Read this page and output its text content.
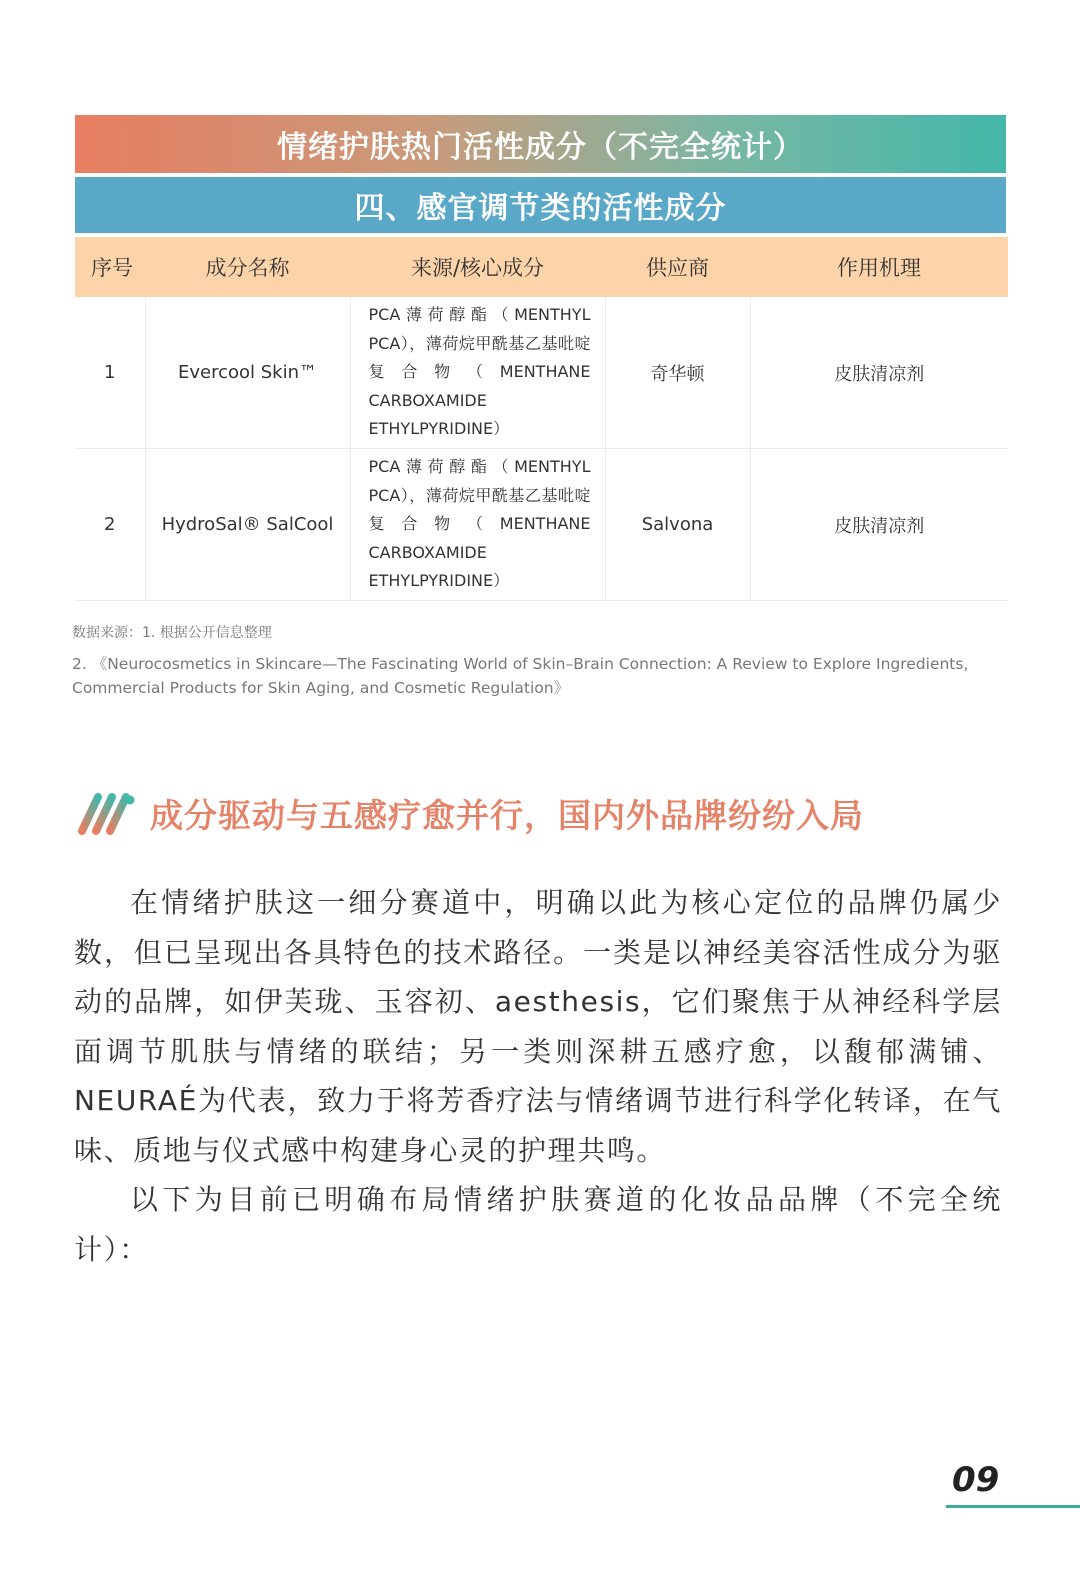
情绪护肤热门活性成分（不完全统计）
四、感官调节类的活性成分
序号	成分名称	来源/核心成分	供应商	作用机理
1	Evercool Skin™	PCA薄荷醇酯（MENTHYL PCA），薄荷烷甲酰基乙基吡啶复合物（MENTHANE CARBOXAMIDE ETHYLPYRIDINE）	奇华顿	皮肤清凉剂
2	HydroSal® SalCool	PCA薄荷醇酯（MENTHYL PCA），薄荷烷甲酰基乙基吡啶复合物（MENTHANE CARBOXAMIDE ETHYLPYRIDINE）	Salvona	皮肤清凉剂
数据来源：1. 根据公开信息整理
2. 《Neurocosmetics in Skincare—The Fascinating World of Skin–Brain Connection: A Review to Explore Ingredients, Commercial Products for Skin Aging, and Cosmetic Regulation》
成分驱动与五感疗愈并行，国内外品牌纷纷入局

在情绪护肤这一细分赛道中，明确以此为核心定位的品牌仍属少数，但已呈现出各具特色的技术路径。一类是以神经美容活性成分为驱动的品牌，如伊芙珑、玉容初、aesthesis，它们聚焦于从神经科学层面调节肌肤与情绪的联结；另一类则深耕五感疗愈，以馥郁满铺、NEURAÉ为代表，致力于将芳香疗法与情绪调节进行科学化转译，在气味、质地与仪式感中构建身心灵的护理共鸣。

以下为目前已明确布局情绪护肤赛道的化妆品品牌（不完全统计）：

09
